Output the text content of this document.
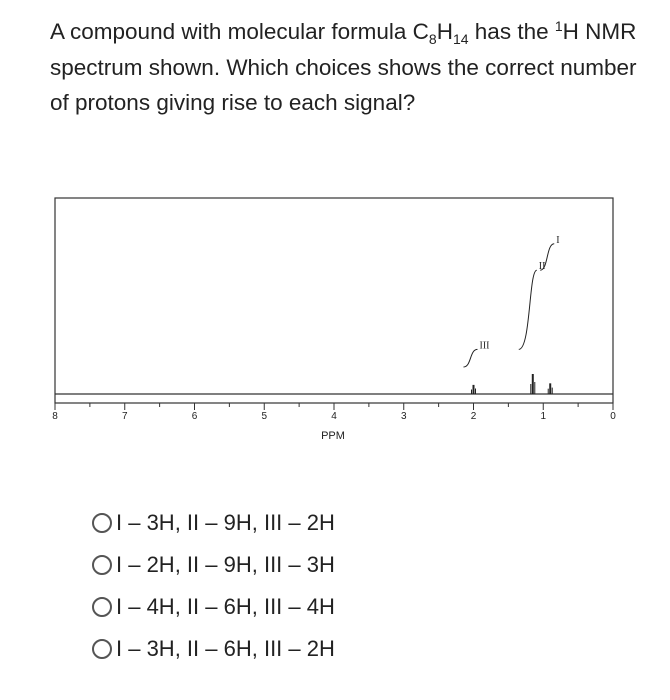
A compound with molecular formula $C_8H_{14}$ has the $^1$H NMR spectrum shown. Which choices shows the correct number of protons giving rise to each signal?
8	7	6	5	4	3	2	1	0
III
II
I
PPM
I – 3H, II – 9H, III – 2H
I – 2H, II – 9H, III – 3H
I – 4H, II – 6H, III – 4H
I – 3H, II – 6H, III – 2H
